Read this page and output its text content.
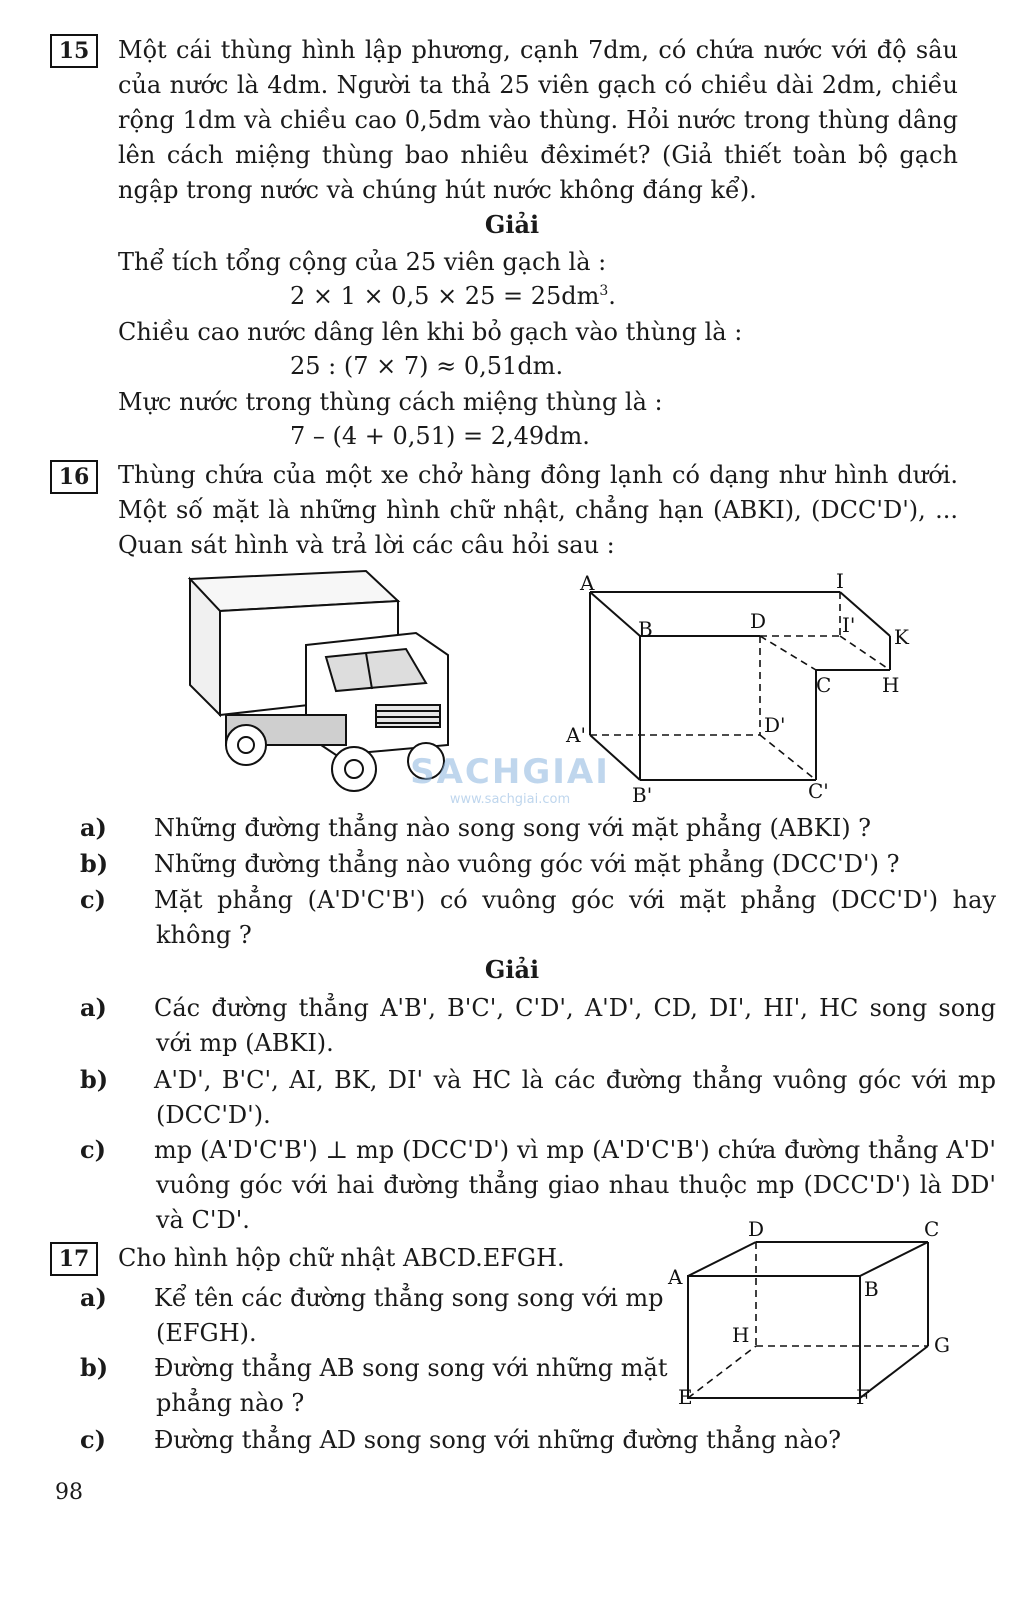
15	Một cái thùng hình lập phương, cạnh 7dm, có chứa nước với độ sâu của nước là 4dm. Người ta thả 25 viên gạch có chiều dài 2dm, chiều rộng 1dm và chiều cao 0,5dm vào thùng. Hỏi nước trong thùng dâng lên cách miệng thùng bao nhiêu đêximét? (Giả thiết toàn bộ gạch ngập trong nước và chúng hút nước không đáng kể).

Giải

Thể tích tổng cộng của 25 viên gạch là :

$2 \times 1 \times 0,5 \times 25 = 25dm^3$.

Chiều cao nước dâng lên khi bỏ gạch vào thùng là :

25 : (7 × 7) ≈ 0,51dm.

Mực nước trong thùng cách miệng thùng là :

7 – (4 + 0,51) = 2,49dm.
16	Thùng chứa của một xe chở hàng đông lạnh có dạng như hình dưới. Một số mặt là những hình chữ nhật, chẳng hạn (ABKI), (DCC'D'), ... Quan sát hình và trả lời các câu hỏi sau :

A	I
B	D	I' K
C	H
A'	D'
B'	C'
SACHGIAI
www.sachgiai.com
a) Những đường thẳng nào song song với mặt phẳng (ABKI) ?
b) Những đường thẳng nào vuông góc với mặt phẳng (DCC'D') ?
c) Mặt phẳng (A'D'C'B') có vuông góc với mặt phẳng (DCC'D') hay không ?
Giải
a) Các đường thẳng A'B', B'C', C'D', A'D', CD, DI', HI', HC song song với mp (ABKI).
b) A'D', B'C', AI, BK, DI' và HC là các đường thẳng vuông góc với mp (DCC'D').
c) mp (A'D'C'B') ⊥ mp (DCC'D') vì mp (A'D'C'B') chứa đường thẳng A'D' vuông góc với hai đường thẳng giao nhau thuộc mp (DCC'D') là DD' và C'D'.
17	Cho hình hộp chữ nhật ABCD.EFGH.

a) Kể tên các đường thẳng song song với mp (EFGH).
b) Đường thẳng AB song song với những mặt phẳng nào ?
c) Đường thẳng AD song song với những đường thẳng nào?
D	C
A	B
H	G
E	F
98
